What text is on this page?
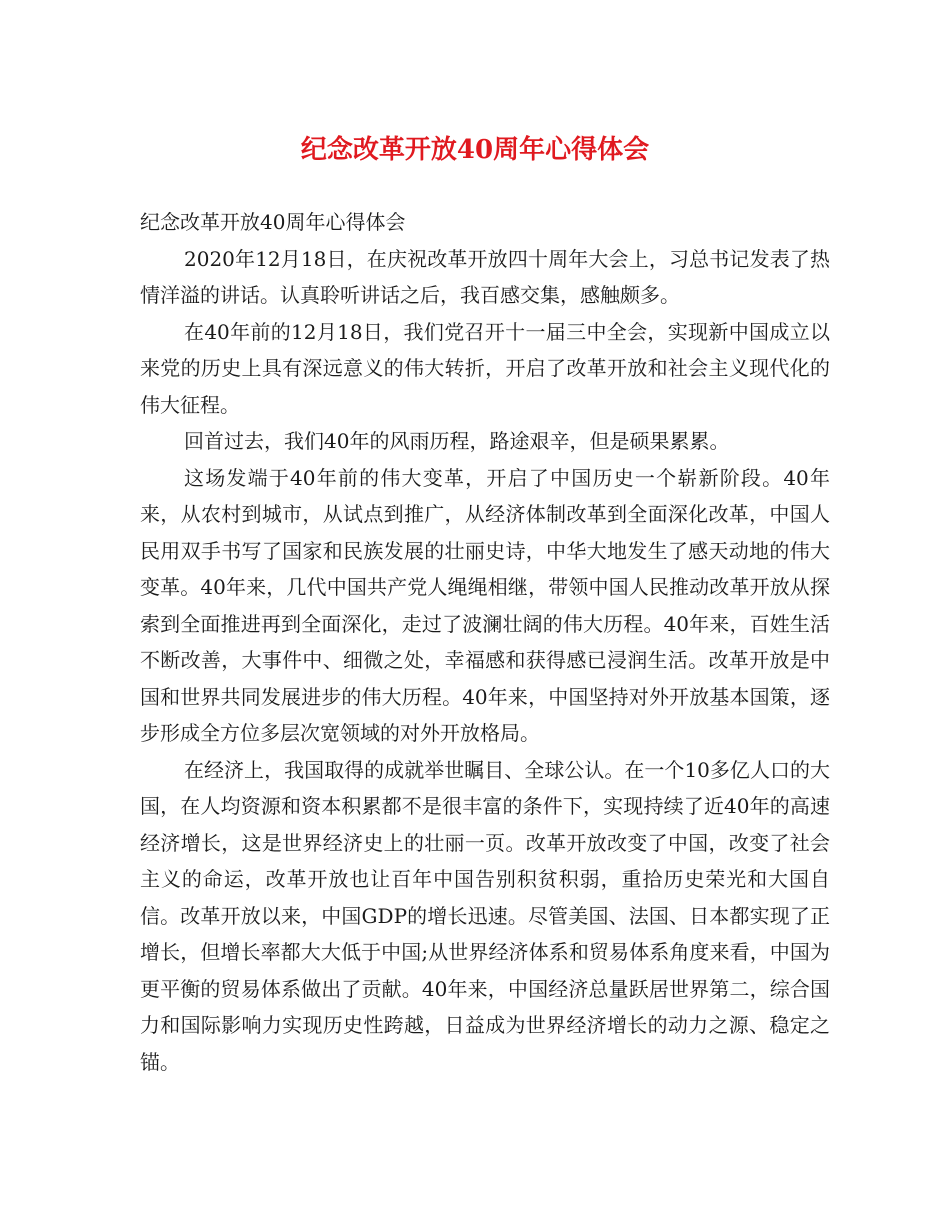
纪念改革开放40周年心得体会

纪念改革开放40周年心得体会

2020年12月18日，在庆祝改革开放四十周年大会上，习总书记发表了热情洋溢的讲话。认真聆听讲话之后，我百感交集，感触颇多。

在40年前的12月18日，我们党召开十一届三中全会，实现新中国成立以来党的历史上具有深远意义的伟大转折，开启了改革开放和社会主义现代化的伟大征程。

回首过去，我们40年的风雨历程，路途艰辛，但是硕果累累。

这场发端于40年前的伟大变革，开启了中国历史一个崭新阶段。40年来，从农村到城市，从试点到推广，从经济体制改革到全面深化改革，中国人民用双手书写了国家和民族发展的壮丽史诗，中华大地发生了感天动地的伟大变革。40年来，几代中国共产党人绳绳相继，带领中国人民推动改革开放从探索到全面推进再到全面深化，走过了波澜壮阔的伟大历程。40年来，百姓生活不断改善，大事件中、细微之处，幸福感和获得感已浸润生活。改革开放是中国和世界共同发展进步的伟大历程。40年来，中国坚持对外开放基本国策，逐步形成全方位多层次宽领域的对外开放格局。

在经济上，我国取得的成就举世瞩目、全球公认。在一个10多亿人口的大国，在人均资源和资本积累都不是很丰富的条件下，实现持续了近40年的高速经济增长，这是世界经济史上的壮丽一页。改革开放改变了中国，改变了社会主义的命运，改革开放也让百年中国告别积贫积弱，重拾历史荣光和大国自信。改革开放以来，中国GDP的增长迅速。尽管美国、法国、日本都实现了正增长，但增长率都大大低于中国;从世界经济体系和贸易体系角度来看，中国为更平衡的贸易体系做出了贡献。40年来，中国经济总量跃居世界第二，综合国力和国际影响力实现历史性跨越，日益成为世界经济增长的动力之源、稳定之锚。
